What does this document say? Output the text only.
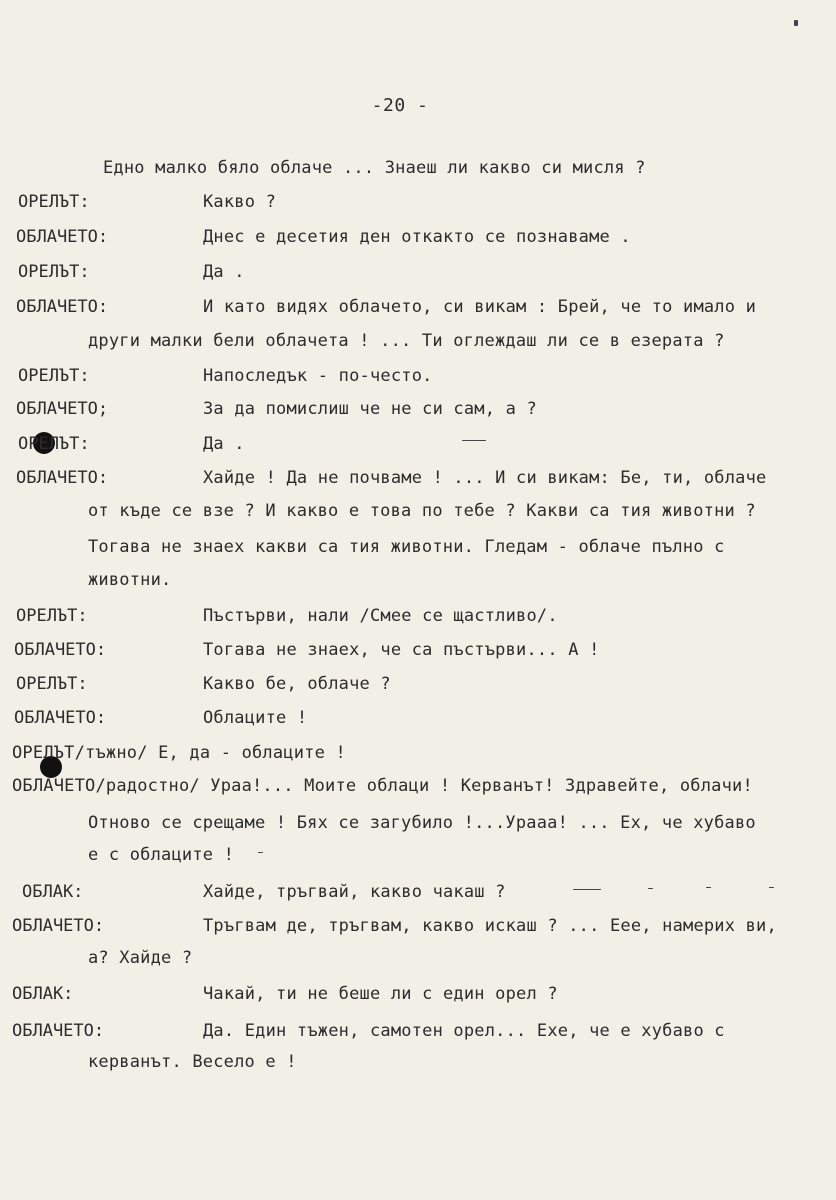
-20 -
Едно малко бяло облаче ... Знаеш ли какво си мисля ?
ОРЕЛЪТ:	Какво ?
ОБЛАЧЕТО:	Днес е десетия ден откакто се познаваме .
ОРЕЛЪТ:	Да .
ОБЛАЧЕТО:	И като видях облачето, си викам : Брей, че то имало и
други малки бели облачета ! ... Ти оглеждаш ли се в езерата ?
ОРЕЛЪТ:	Напоследък - по-често.
ОБЛАЧЕТО;	За да помислиш че не си сам, а ?
ОРЕЛЪТ:	Да .
ОБЛАЧЕТО:	Хайде ! Да не почваме ! ... И си викам: Бе, ти, облаче
от къде се взе ? И какво е това по тебе ? Какви са тия животни ?
Тогава не знаех какви са тия животни. Гледам - облаче пълно с
животни.
ОРЕЛЪТ:	Пъстърви, нали /Смее се щастливо/.
ОБЛАЧЕТО:	Тогава не знаех, че са пъстърви... А !
ОРЕЛЪТ:	Какво бе, облаче ?
ОБЛАЧЕТО:	Облаците !
ОРЕЛЪТ/тъжно/ Е, да - облаците !
ОБЛАЧЕТО/радостно/ Ураа!... Моите облаци ! Керванът! Здравейте, облачи!
Отново се срещаме ! Бях се загубило !...Урааа! ... Ех, че хубаво
е с облаците !
ОБЛАК:	Хайде, тръгвай, какво чакаш ?
ОБЛАЧЕТО:	Тръгвам де, тръгвам, какво искаш ? ... Еее, намерих ви,
а? Хайде ?
ОБЛАК:	Чакай, ти не беше ли с един орел ?
ОБЛАЧЕТО:	Да. Един тъжен, самотен орел... Ехе, че е хубаво с
керванът. Весело е !
